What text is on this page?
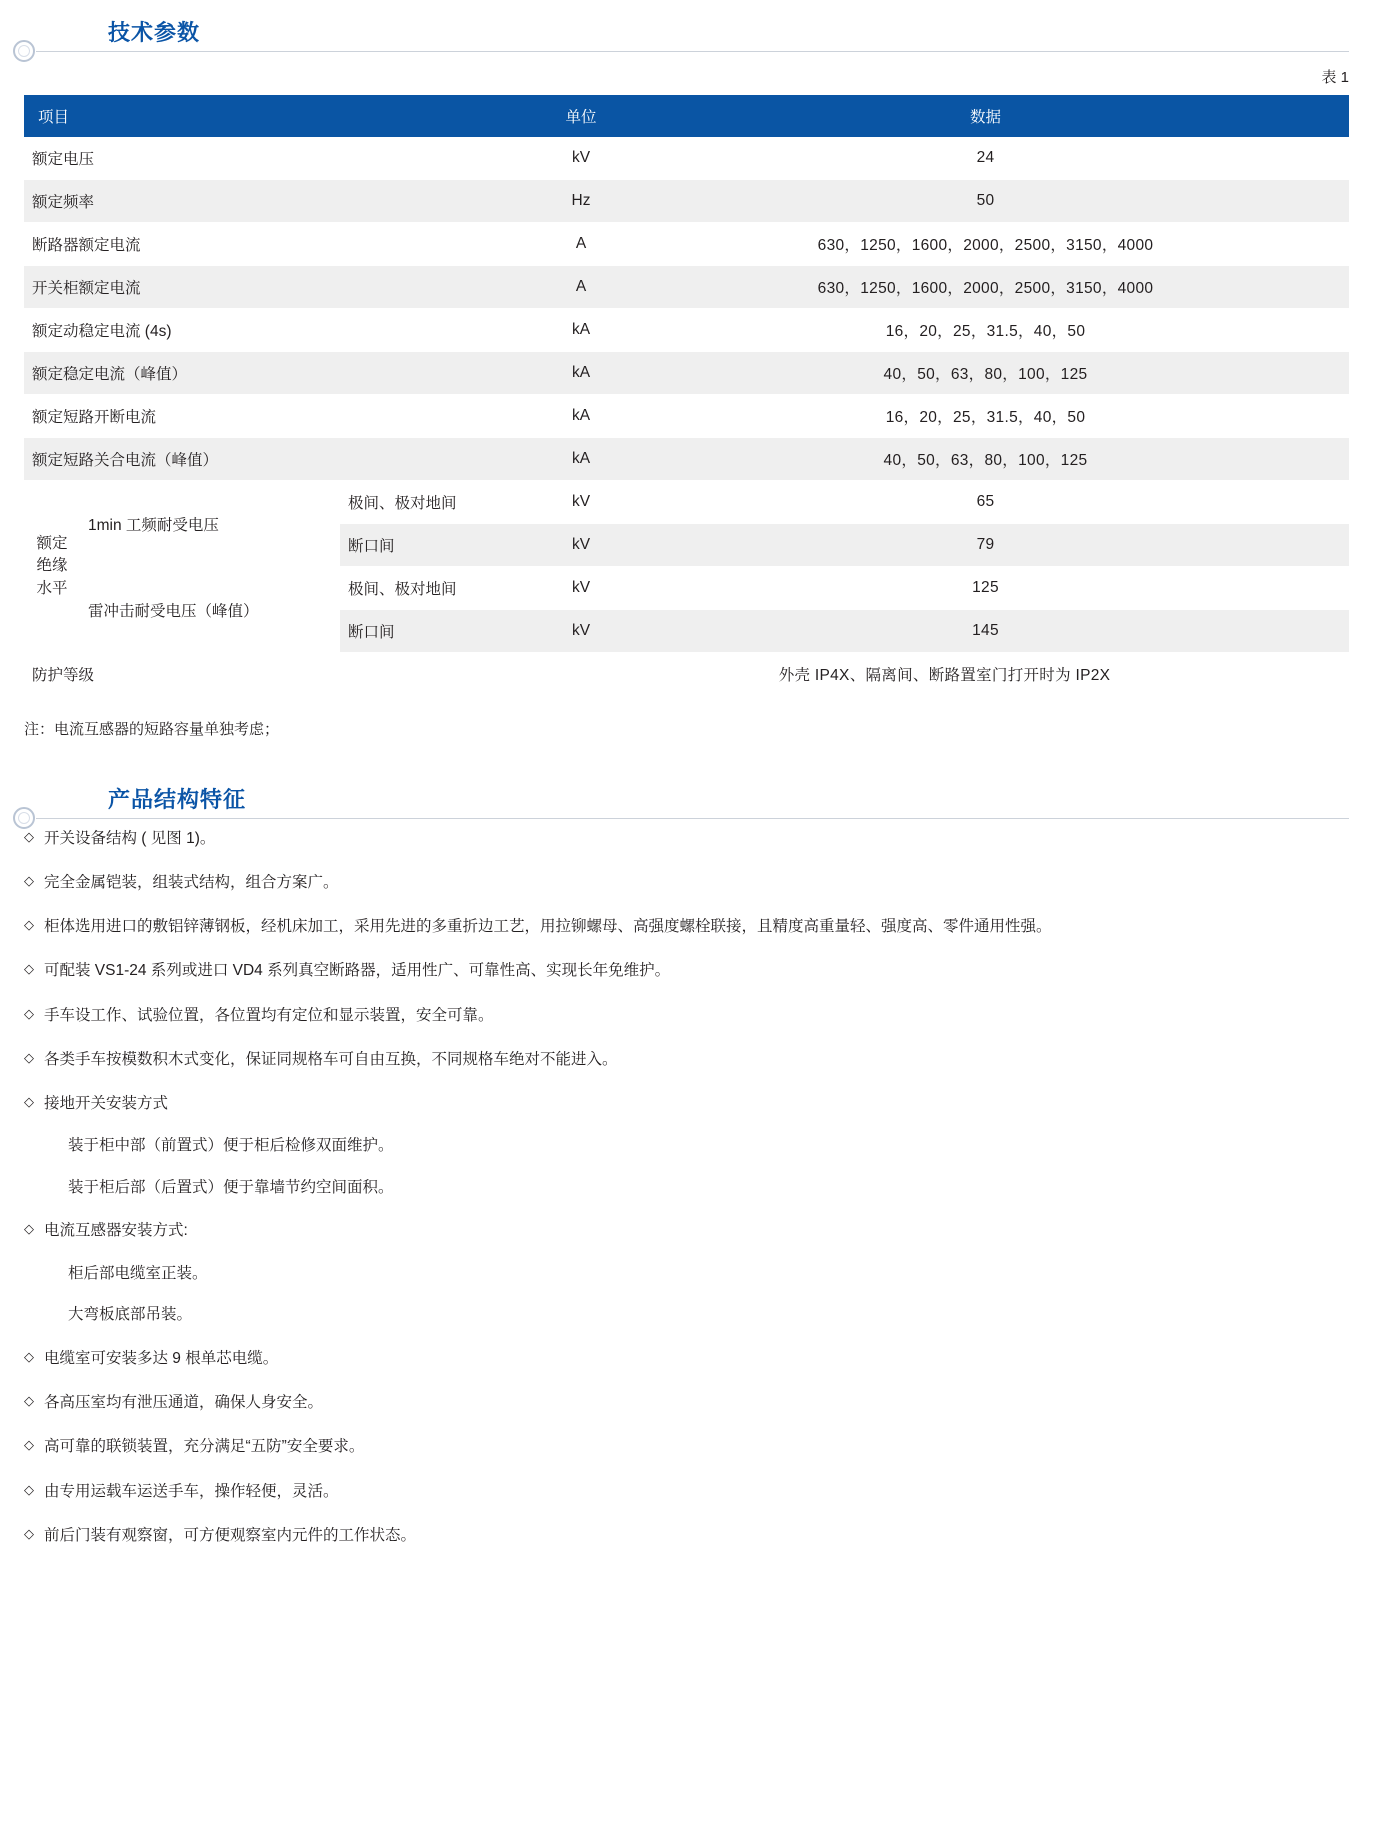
技术参数
表 1
项目			单位	数据
额定电压			kV	24
额定频率			Hz	50
断路器额定电流			A	630，1250，1600，2000，2500，3150，4000
开关柜额定电流			A	630，1250，1600，2000，2500，3150，4000
额定动稳定电流 (4s)			kA	16，20，25，31.5，40，50
额定稳定电流（峰值）			kA	40，50，63，80，100，125
额定短路开断电流			kA	16，20，25，31.5，40，50
额定短路关合电流（峰值）			kA	40，50，63，80，100，125
额定绝缘水平	1min 工频耐受电压	极间、极对地间	kV	65
		断口间	kV	79
	雷冲击耐受电压（峰值）	极间、极对地间	kV	125
		断口间	kV	145
防护等级			外壳 IP4X、隔离间、断路置室门打开时为 IP2X	
注：电流互感器的短路容量单独考虑；
产品结构特征
◇ 开关设备结构 ( 见图 1)。
◇ 完全金属铠装，组装式结构，组合方案广。
◇ 柜体选用进口的敷铝锌薄钢板，经机床加工，采用先进的多重折边工艺，用拉铆螺母、高强度螺栓联接，且精度高重量轻、强度高、零件通用性强。
◇ 可配装 VS1-24 系列或进口 VD4 系列真空断路器，适用性广、可靠性高、实现长年免维护。
◇ 手车设工作、试验位置，各位置均有定位和显示装置，安全可靠。
◇ 各类手车按模数积木式变化，保证同规格车可自由互换，不同规格车绝对不能进入。
◇ 接地开关安装方式
装于柜中部（前置式）便于柜后检修双面维护。
装于柜后部（后置式）便于靠墙节约空间面积。
◇ 电流互感器安装方式:
柜后部电缆室正装。
大弯板底部吊装。
◇ 电缆室可安装多达 9 根单芯电缆。
◇ 各高压室均有泄压通道，确保人身安全。
◇ 高可靠的联锁装置，充分满足“五防”安全要求。
◇ 由专用运载车运送手车，操作轻便，灵活。
◇ 前后门装有观察窗，可方便观察室内元件的工作状态。
